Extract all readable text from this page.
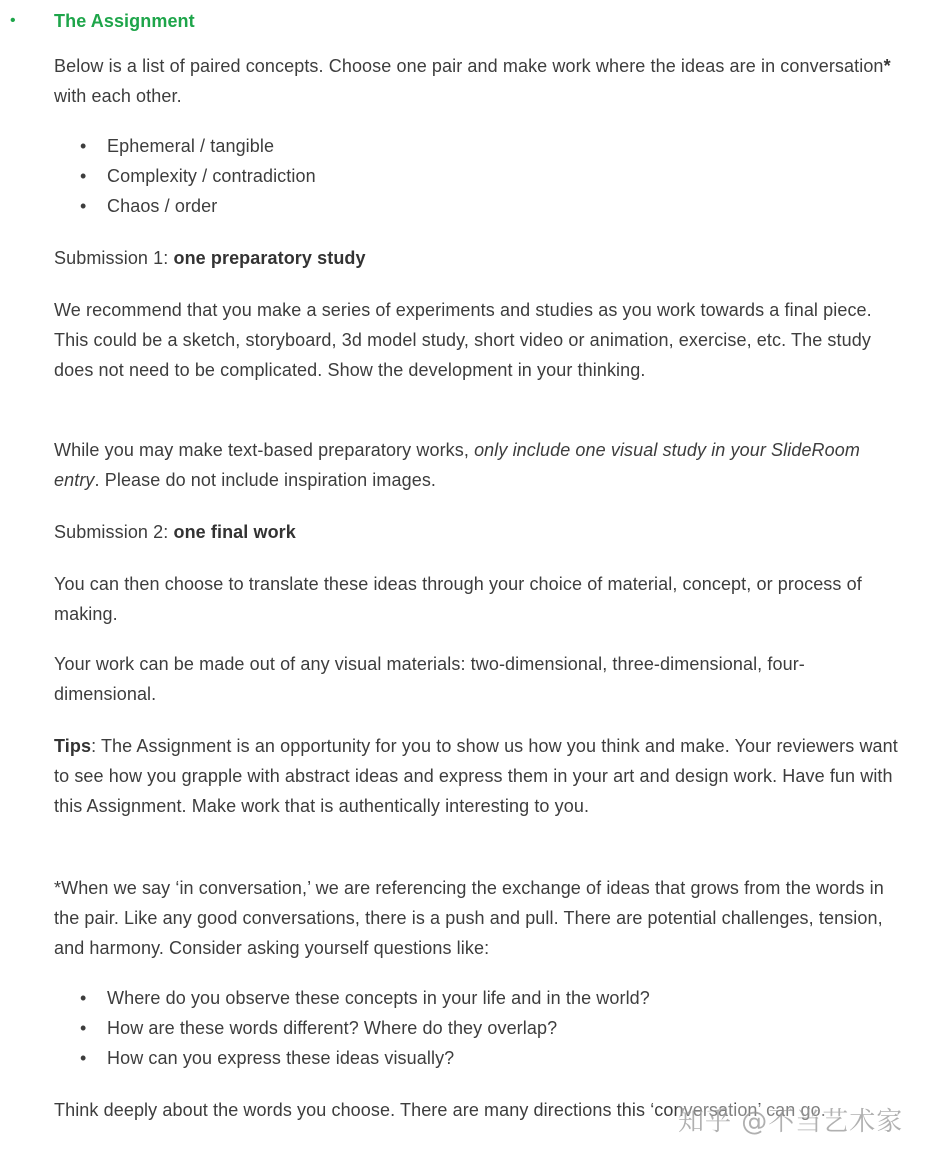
•	The Assignment

Below is a list of paired concepts. Choose one pair and make work where the ideas are in conversation* with each other.

• Ephemeral / tangible
• Complexity / contradiction
• Chaos / order

Submission 1: one preparatory study

We recommend that you make a series of experiments and studies as you work towards a final piece. This could be a sketch, storyboard, 3d model study, short video or animation, exercise, etc. The study does not need to be complicated. Show the development in your thinking.

While you may make text-based preparatory works, only include one visual study in your SlideRoom entry. Please do not include inspiration images.

Submission 2: one final work

You can then choose to translate these ideas through your choice of material, concept, or process of making.

Your work can be made out of any visual materials: two-dimensional, three-dimensional, four-dimensional.

Tips: The Assignment is an opportunity for you to show us how you think and make. Your reviewers want to see how you grapple with abstract ideas and express them in your art and design work. Have fun with this Assignment. Make work that is authentically interesting to you.

*When we say ‘in conversation,’ we are referencing the exchange of ideas that grows from the words in the pair. Like any good conversations, there is a push and pull. There are potential challenges, tension, and harmony. Consider asking yourself questions like:

• Where do you observe these concepts in your life and in the world?
• How are these words different? Where do they overlap?
• How can you express these ideas visually?

Think deeply about the words you choose. There are many directions this ‘conversation’ can go.

知乎 @不当艺术家
